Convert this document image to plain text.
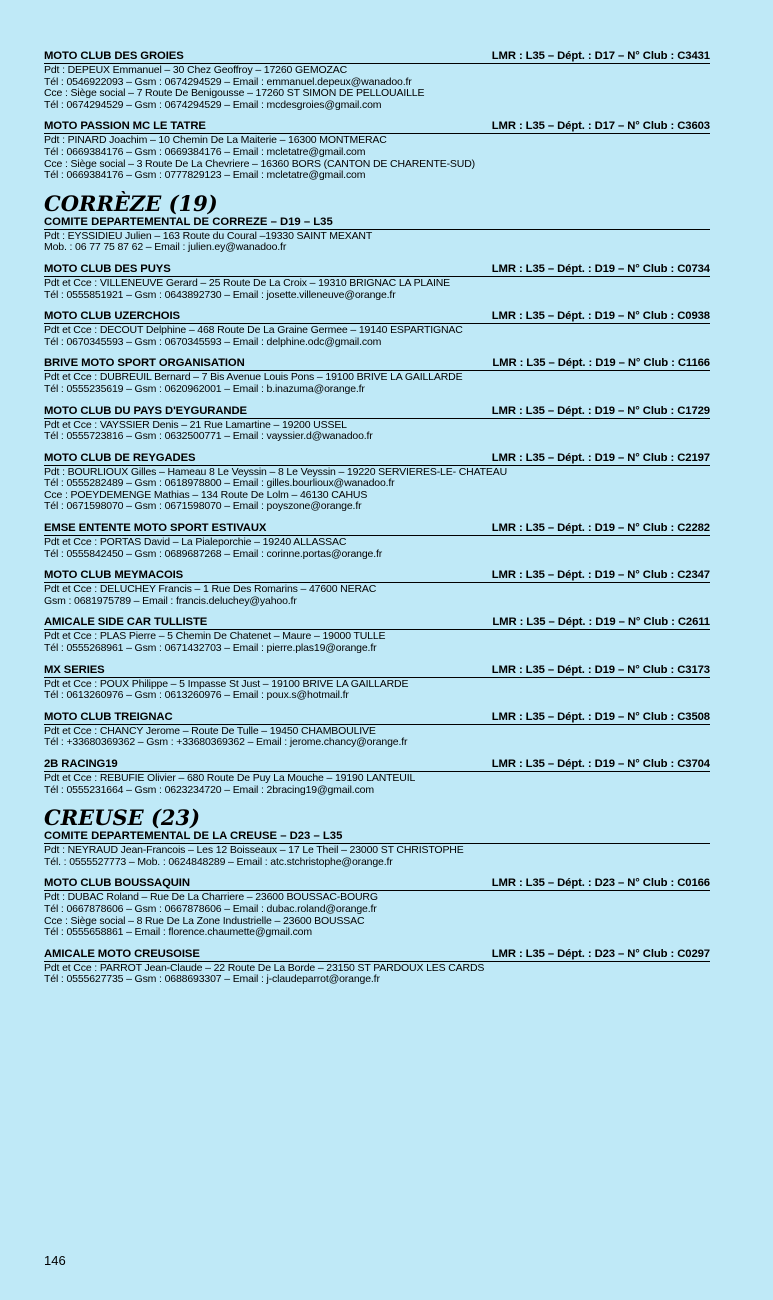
MOTO CLUB DES GROIES	LMR : L35 – Dépt. : D17 – N° Club : C3431
Pdt : DEPEUX Emmanuel – 30 Chez Geoffroy – 17260 GEMOZAC
Tél : 0546922093 – Gsm : 0674294529 – Email : emmanuel.depeux@wanadoo.fr
Cce : Siège social – 7 Route De Benigousse – 17260 ST SIMON DE PELLOUAILLE
Tél : 0674294529 – Gsm : 0674294529 – Email : mcdesgroies@gmail.com
MOTO PASSION MC LE TATRE	LMR : L35 – Dépt. : D17 – N° Club : C3603
Pdt : PINARD Joachim – 10 Chemin De La Maiterie – 16300 MONTMERAC
Tél : 0669384176 – Gsm : 0669384176 – Email : mcletatre@gmail.com
Cce : Siège social – 3 Route De La Chevriere – 16360 BORS (CANTON DE CHARENTE-SUD)
Tél : 0669384176 – Gsm : 0777829123 – Email : mcletatre@gmail.com
CORRÈZE (19)
COMITE DEPARTEMENTAL DE CORREZE – D19 – L35
Pdt : EYSSIDIEU Julien – 163 Route du Coural –19330 SAINT MEXANT
Mob. : 06 77 75 87 62 – Email : julien.ey@wanadoo.fr
MOTO CLUB DES PUYS	LMR : L35 – Dépt. : D19 – N° Club : C0734
Pdt et Cce : VILLENEUVE Gerard – 25 Route De La Croix – 19310 BRIGNAC LA PLAINE
Tél : 0555851921 – Gsm : 0643892730 – Email : josette.villeneuve@orange.fr
MOTO CLUB UZERCHOIS	LMR : L35 – Dépt. : D19 – N° Club : C0938
Pdt et Cce : DECOUT Delphine – 468 Route De La Graine Germee – 19140 ESPARTIGNAC
Tél : 0670345593 – Gsm : 0670345593 – Email : delphine.odc@gmail.com
BRIVE MOTO SPORT ORGANISATION	LMR : L35 – Dépt. : D19 – N° Club : C1166
Pdt et Cce : DUBREUIL Bernard – 7 Bis Avenue Louis Pons – 19100 BRIVE LA GAILLARDE
Tél : 0555235619 – Gsm : 0620962001 – Email : b.inazuma@orange.fr
MOTO CLUB DU PAYS D'EYGURANDE	LMR : L35 – Dépt. : D19 – N° Club : C1729
Pdt et Cce : VAYSSIER Denis – 21 Rue Lamartine – 19200 USSEL
Tél : 0555723816 – Gsm : 0632500771 – Email : vayssier.d@wanadoo.fr
MOTO CLUB DE REYGADES	LMR : L35 – Dépt. : D19 – N° Club : C2197
Pdt : BOURLIOUX Gilles – Hameau 8 Le Veyssin – 8 Le Veyssin – 19220 SERVIERES-LE- CHATEAU
Tél : 0555282489 – Gsm : 0618978800 – Email : gilles.bourlioux@wanadoo.fr
Cce : POEYDEMENGE Mathias – 134 Route De Lolm – 46130 CAHUS
Tél : 0671598070 – Gsm : 0671598070 – Email : poyszone@orange.fr
EMSE ENTENTE MOTO SPORT ESTIVAUX	LMR : L35 – Dépt. : D19 – N° Club : C2282
Pdt et Cce : PORTAS David – La Pialeporchie – 19240 ALLASSAC
Tél : 0555842450 – Gsm : 0689687268 – Email : corinne.portas@orange.fr
MOTO CLUB MEYMACOIS	LMR : L35 – Dépt. : D19 – N° Club : C2347
Pdt et Cce : DELUCHEY Francis – 1 Rue Des Romarins – 47600 NERAC
Gsm : 0681975789 – Email : francis.deluchey@yahoo.fr
AMICALE SIDE CAR TULLISTE	LMR : L35 – Dépt. : D19 – N° Club : C2611
Pdt et Cce : PLAS Pierre – 5 Chemin De Chatenet – Maure – 19000 TULLE
Tél : 0555268961 – Gsm : 0671432703 – Email : pierre.plas19@orange.fr
MX SERIES	LMR : L35 – Dépt. : D19 – N° Club : C3173
Pdt et Cce : POUX Philippe – 5 Impasse St Just – 19100 BRIVE LA GAILLARDE
Tél : 0613260976 – Gsm : 0613260976 – Email : poux.s@hotmail.fr
MOTO CLUB TREIGNAC	LMR : L35 – Dépt. : D19 – N° Club : C3508
Pdt et Cce : CHANCY Jerome – Route De Tulle – 19450 CHAMBOULIVE
Tél : +33680369362 – Gsm : +33680369362 – Email : jerome.chancy@orange.fr
2B RACING19	LMR : L35 – Dépt. : D19 – N° Club : C3704
Pdt et Cce : REBUFIE Olivier – 680 Route De Puy La Mouche – 19190 LANTEUIL
Tél : 0555231664 – Gsm : 0623234720 – Email : 2bracing19@gmail.com
CREUSE (23)
COMITE DEPARTEMENTAL DE LA CREUSE – D23 – L35
Pdt : NEYRAUD Jean-Francois – Les 12 Boisseaux – 17 Le Theil – 23000 ST CHRISTOPHE
Tél. : 0555527773 – Mob. : 0624848289 – Email : atc.stchristophe@orange.fr
MOTO CLUB BOUSSAQUIN	LMR : L35 – Dépt. : D23 – N° Club : C0166
Pdt : DUBAC Roland – Rue De La Charriere – 23600 BOUSSAC-BOURG
Tél : 0667878606 – Gsm : 0667878606 – Email : dubac.roland@orange.fr
Cce : Siège social – 8 Rue De La Zone Industrielle – 23600 BOUSSAC
Tél : 0555658861 – Email : florence.chaumette@gmail.com
AMICALE MOTO CREUSOISE	LMR : L35 – Dépt. : D23 – N° Club : C0297
Pdt et Cce : PARROT Jean-Claude – 22 Route De La Borde – 23150 ST PARDOUX LES CARDS
Tél : 0555627735 – Gsm : 0688693307 – Email : j-claudeparrot@orange.fr
146
